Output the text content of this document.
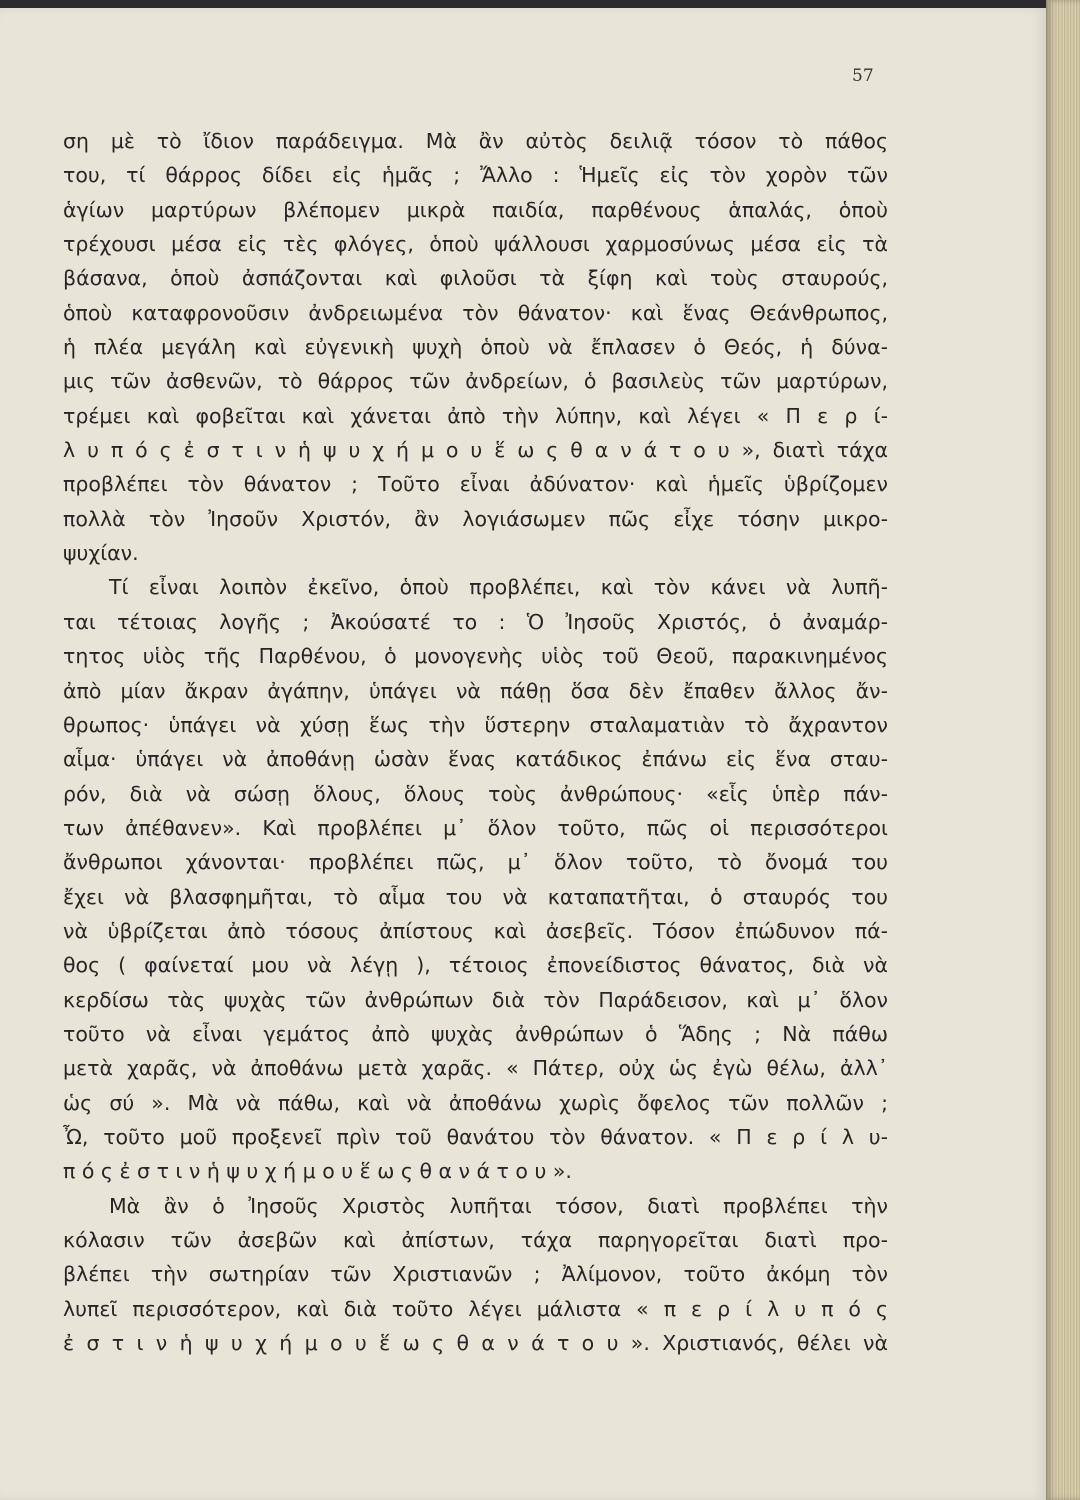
57
ση μὲ τὸ ἴδιον παράδειγμα. Μὰ ἂν αὐτὸς δειλιᾷ τόσον τὸ πάθος
του, τί θάρρος δίδει εἰς ἡμᾶς ; Ἄλλο : Ἡμεῖς εἰς τὸν χορὸν τῶν
ἁγίων μαρτύρων βλέπομεν μικρὰ παιδία, παρθένους ἁπαλάς, ὁποὺ
τρέχουσι μέσα εἰς τὲς φλόγες, ὁποὺ ψάλλουσι χαρμοσύνως μέσα εἰς τὰ
βάσανα, ὁποὺ ἀσπάζονται καὶ φιλοῦσι τὰ ξίφη καὶ τοὺς σταυρούς,
ὁποὺ καταφρονοῦσιν ἀνδρειωμένα τὸν θάνατον· καὶ ἕνας Θεάνθρωπος,
ἡ πλέα μεγάλη καὶ εὐγενικὴ ψυχὴ ὁποὺ νὰ ἔπλασεν ὁ Θεός, ἡ δύνα-
μις τῶν ἀσθενῶν, τὸ θάρρος τῶν ἀνδρείων, ὁ βασιλεὺς τῶν μαρτύρων,
τρέμει καὶ φοβεῖται καὶ χάνεται ἀπὸ τὴν λύπην, καὶ λέγει « Π ε ρ ί-
λ υ π ό ς ἐ σ τ ι ν ἡ ψ υ χ ή μ ο υ ἕ ω ς θ α ν ά τ ο υ », διατὶ τάχα
προβλέπει τὸν θάνατον ; Τοῦτο εἶναι ἀδύνατον· καὶ ἡμεῖς ὑβρίζομεν
πολλὰ τὸν Ἰησοῦν Χριστόν, ἂν λογιάσωμεν πῶς εἶχε τόσην μικρο-
ψυχίαν.
Τί εἶναι λοιπὸν ἐκεῖνο, ὁποὺ προβλέπει, καὶ τὸν κάνει νὰ λυπῆ-
ται τέτοιας λογῆς ; Ἀκούσατέ το : Ὁ Ἰησοῦς Χριστός, ὁ ἀναμάρ-
τητος υἱὸς τῆς Παρθένου, ὁ μονογενὴς υἱὸς τοῦ Θεοῦ, παρακινημένος
ἀπὸ μίαν ἄκραν ἀγάπην, ὑπάγει νὰ πάθῃ ὅσα δὲν ἔπαθεν ἄλλος ἄν-
θρωπος· ὑπάγει νὰ χύσῃ ἕως τὴν ὕστερην σταλαματιὰν τὸ ἄχραντον
αἷμα· ὑπάγει νὰ ἀποθάνῃ ὡσὰν ἕνας κατάδικος ἐπάνω εἰς ἕνα σταυ-
ρόν, διὰ νὰ σώσῃ ὅλους, ὅλους τοὺς ἀνθρώπους· «εἷς ὑπὲρ πάν-
των ἀπέθανεν». Καὶ προβλέπει μ᾽ ὅλον τοῦτο, πῶς οἱ περισσότεροι
ἄνθρωποι χάνονται· προβλέπει πῶς, μ᾽ ὅλον τοῦτο, τὸ ὄνομά του
ἔχει νὰ βλασφημῆται, τὸ αἷμα του νὰ καταπατῆται, ὁ σταυρός του
νὰ ὑβρίζεται ἀπὸ τόσους ἀπίστους καὶ ἀσεβεῖς. Τόσον ἐπώδυνον πά-
θος ( φαίνεταί μου νὰ λέγῃ ), τέτοιος ἐπονείδιστος θάνατος, διὰ νὰ
κερδίσω τὰς ψυχὰς τῶν ἀνθρώπων διὰ τὸν Παράδεισον, καὶ μ᾽ ὅλον
τοῦτο νὰ εἶναι γεμάτος ἀπὸ ψυχὰς ἀνθρώπων ὁ Ἅδης ; Νὰ πάθω
μετὰ χαρᾶς, νὰ ἀποθάνω μετὰ χαρᾶς. « Πάτερ, οὐχ ὡς ἐγὼ θέλω, ἀλλ᾽
ὡς σύ ». Μὰ νὰ πάθω, καὶ νὰ ἀποθάνω χωρὶς ὄφελος τῶν πολλῶν ;
Ὦ, τοῦτο μοῦ προξενεῖ πρὶν τοῦ θανάτου τὸν θάνατον. « Π ε ρ ί λ υ-
π ό ς ἐ σ τ ι ν ἡ ψ υ χ ή μ ο υ ἕ ω ς θ α ν ά τ ο υ ».
Μὰ ἂν ὁ Ἰησοῦς Χριστὸς λυπῆται τόσον, διατὶ προβλέπει τὴν
κόλασιν τῶν ἀσεβῶν καὶ ἀπίστων, τάχα παρηγορεῖται διατὶ προ-
βλέπει τὴν σωτηρίαν τῶν Χριστιανῶν ; Ἀλίμονον, τοῦτο ἀκόμη τὸν
λυπεῖ περισσότερον, καὶ διὰ τοῦτο λέγει μάλιστα « π ε ρ ί λ υ π ό ς
ἐ σ τ ι ν ἡ ψ υ χ ή μ ο υ ἕ ω ς θ α ν ά τ ο υ ». Χριστιανός, θέλει νὰ
